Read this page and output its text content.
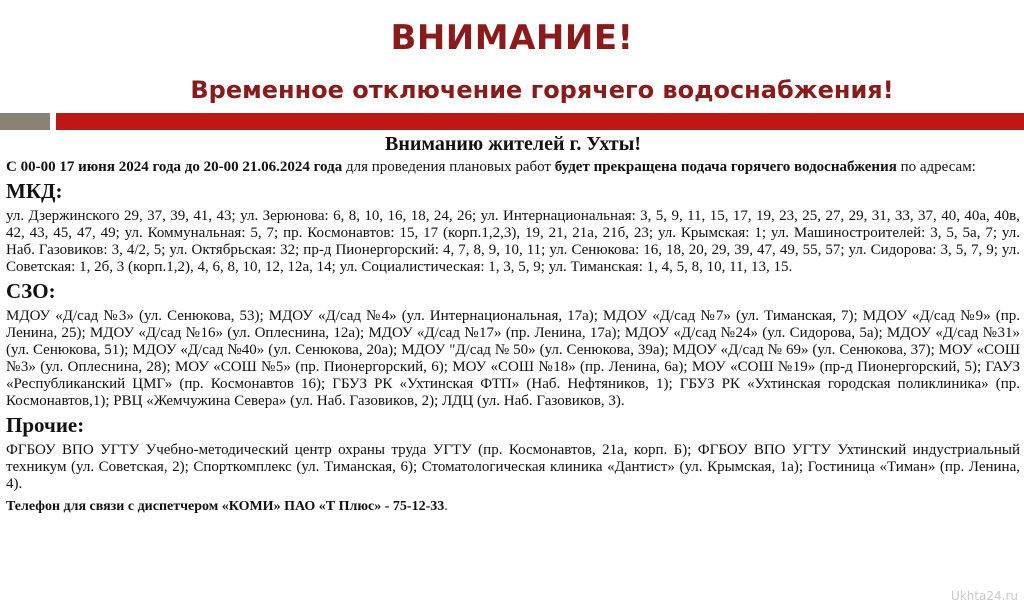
ВНИМАНИЕ!
Временное отключение горячего водоснабжения!
Вниманию жителей г. Ухты!

С 00-00 17 июня 2024 года до 20-00 21.06.2024 года для проведения плановых работ будет прекращена подача горячего водоснабжения по адресам:

МКД:

ул. Дзержинского 29, 37, 39, 41, 43; ул. Зерюнова: 6, 8, 10, 16, 18, 24, 26; ул. Интернациональная: 3, 5, 9, 11, 15, 17, 19, 23, 25, 27, 29, 31, 33, 37, 40, 40а, 40в, 42, 43, 45, 47, 49; ул. Коммунальная: 5, 7; пр. Космонавтов: 15, 17 (корп.1,2,3), 19, 21, 21а, 21б, 23; ул. Крымская: 1; ул. Машиностроителей: 3, 5, 5а, 7; ул. Наб. Газовиков: 3, 4/2, 5; ул. Октябрьская: 32; пр-д Пионергорский: 4, 7, 8, 9, 10, 11; ул. Сенюкова: 16, 18, 20, 29, 39, 47, 49, 55, 57; ул. Сидорова: 3, 5, 7, 9; ул. Советская: 1, 2б, 3 (корп.1,2), 4, 6, 8, 10, 12, 12а, 14; ул. Социалистическая: 1, 3, 5, 9; ул. Тиманская: 1, 4, 5, 8, 10, 11, 13, 15.

СЗО:

МДОУ «Д/сад №3» (ул. Сенюкова, 53); МДОУ «Д/сад №4» (ул. Интернациональная, 17а); МДОУ «Д/сад №7» (ул. Тиманская, 7); МДОУ «Д/сад №9» (пр. Ленина, 25); МДОУ «Д/сад №16» (ул. Оплеснина, 12а); МДОУ «Д/сад №17» (пр. Ленина, 17а); МДОУ «Д/сад №24» (ул. Сидорова, 5а); МДОУ «Д/сад №31» (ул. Сенюкова, 51); МДОУ «Д/сад №40» (ул. Сенюкова, 20а); МДОУ "Д/сад № 50» (ул. Сенюкова, 39а); МДОУ «Д/сад № 69» (ул. Сенюкова, 37); МОУ «СОШ №3» (ул. Оплеснина, 28); МОУ «СОШ №5» (пр. Пионергорский, 6); МОУ «СОШ №18» (пр. Ленина, 6а); МОУ «СОШ №19» (пр-д Пионергорский, 5); ГАУЗ «Республиканский ЦМГ» (пр. Космонавтов 16); ГБУЗ РК «Ухтинская ФТП» (Наб. Нефтяников, 1); ГБУЗ РК «Ухтинская городская поликлиника» (пр. Космонавтов,1); РВЦ «Жемчужина Севера» (ул. Наб. Газовиков, 2); ЛДЦ (ул. Наб. Газовиков, 3).

Прочие:

ФГБОУ ВПО УГТУ Учебно-методический центр охраны труда УГТУ (пр. Космонавтов, 21а, корп. Б); ФГБОУ ВПО УГТУ Ухтинский индустриальный техникум (ул. Советская, 2); Спорткомплекс (ул. Тиманская, 6); Стоматологическая клиника «Дантист» (ул. Крымская, 1а); Гостиница «Тиман» (пр. Ленина, 4).

Телефон для связи с диспетчером «КОМИ» ПАО «Т Плюс» - 75-12-33.
Ukhta24.ru
